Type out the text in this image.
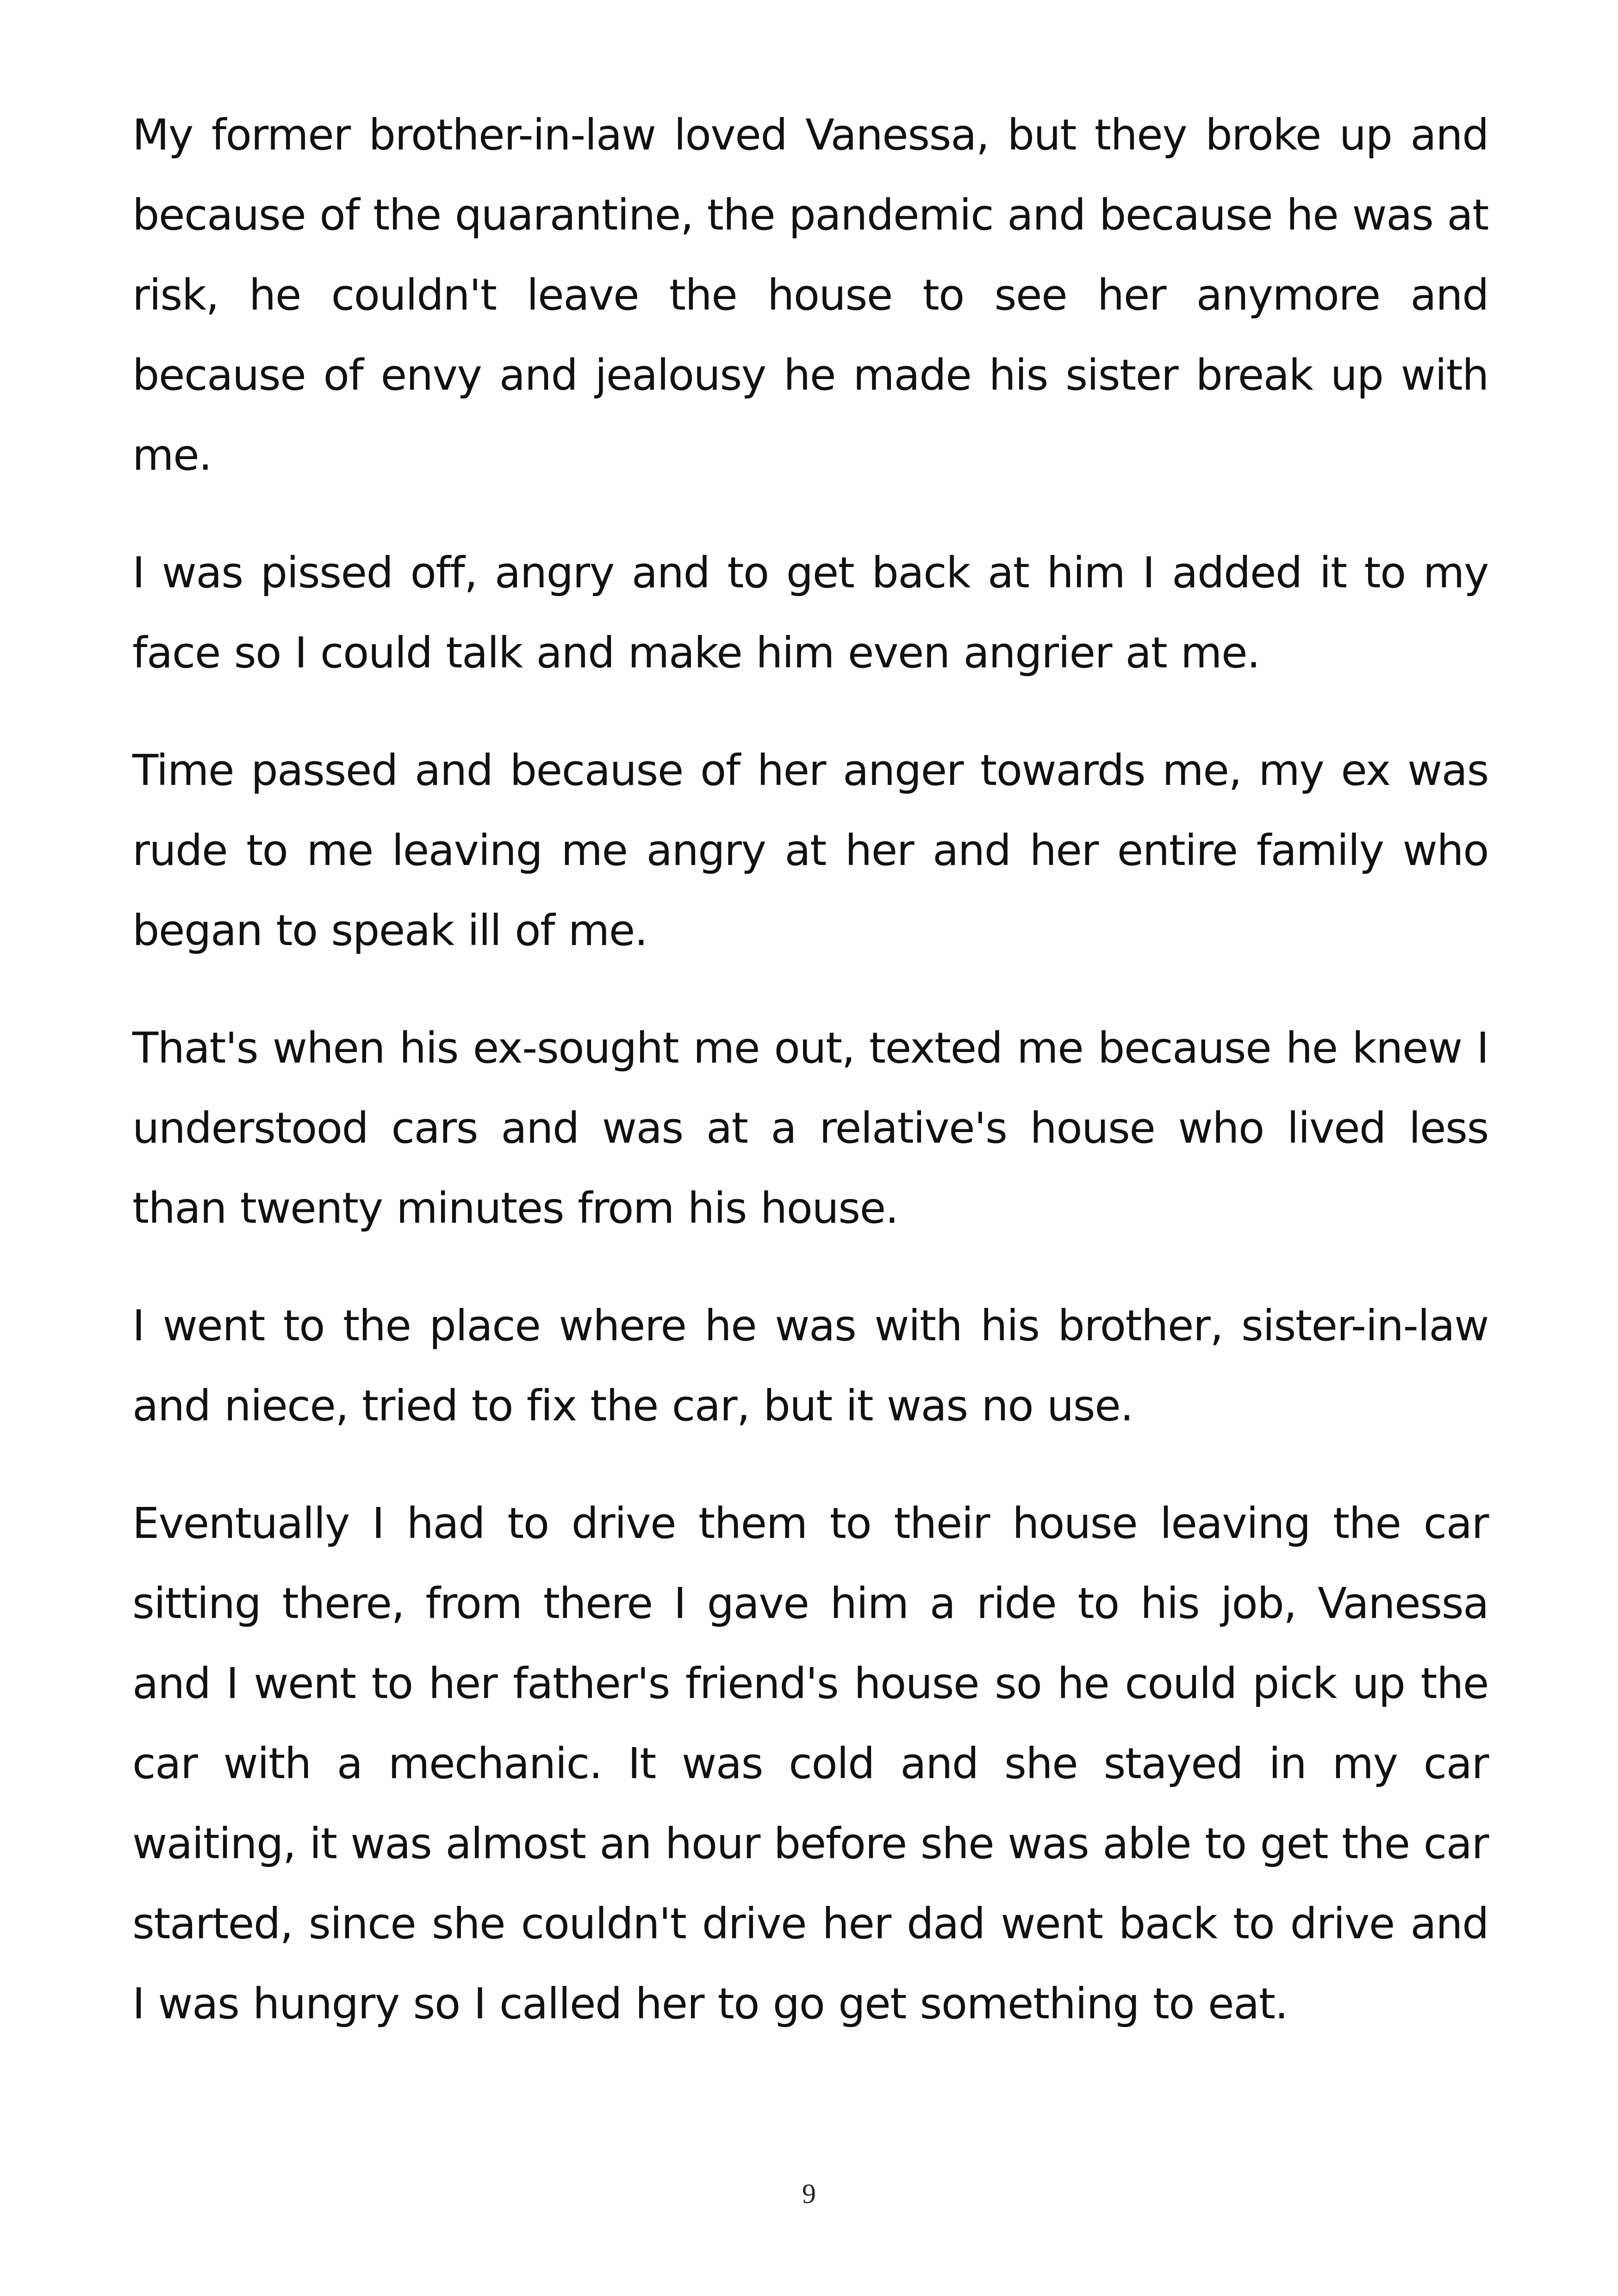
My former brother-in-law loved Vanessa, but they broke up and because of the quarantine, the pandemic and because he was at risk, he couldn't leave the house to see her anymore and because of envy and jealousy he made his sister break up with me.

I was pissed off, angry and to get back at him I added it to my face so I could talk and make him even angrier at me.

Time passed and because of her anger towards me, my ex was rude to me leaving me angry at her and her entire family who began to speak ill of me.

That's when his ex-sought me out, texted me because he knew I understood cars and was at a relative's house who lived less than twenty minutes from his house.

I went to the place where he was with his brother, sister-in-law and niece, tried to fix the car, but it was no use.

Eventually I had to drive them to their house leaving the car sitting there, from there I gave him a ride to his job, Vanessa and I went to her father's friend's house so he could pick up the car with a mechanic. It was cold and she stayed in my car waiting, it was almost an hour before she was able to get the car started, since she couldn't drive her dad went back to drive and I was hungry so I called her to go get something to eat.

9
